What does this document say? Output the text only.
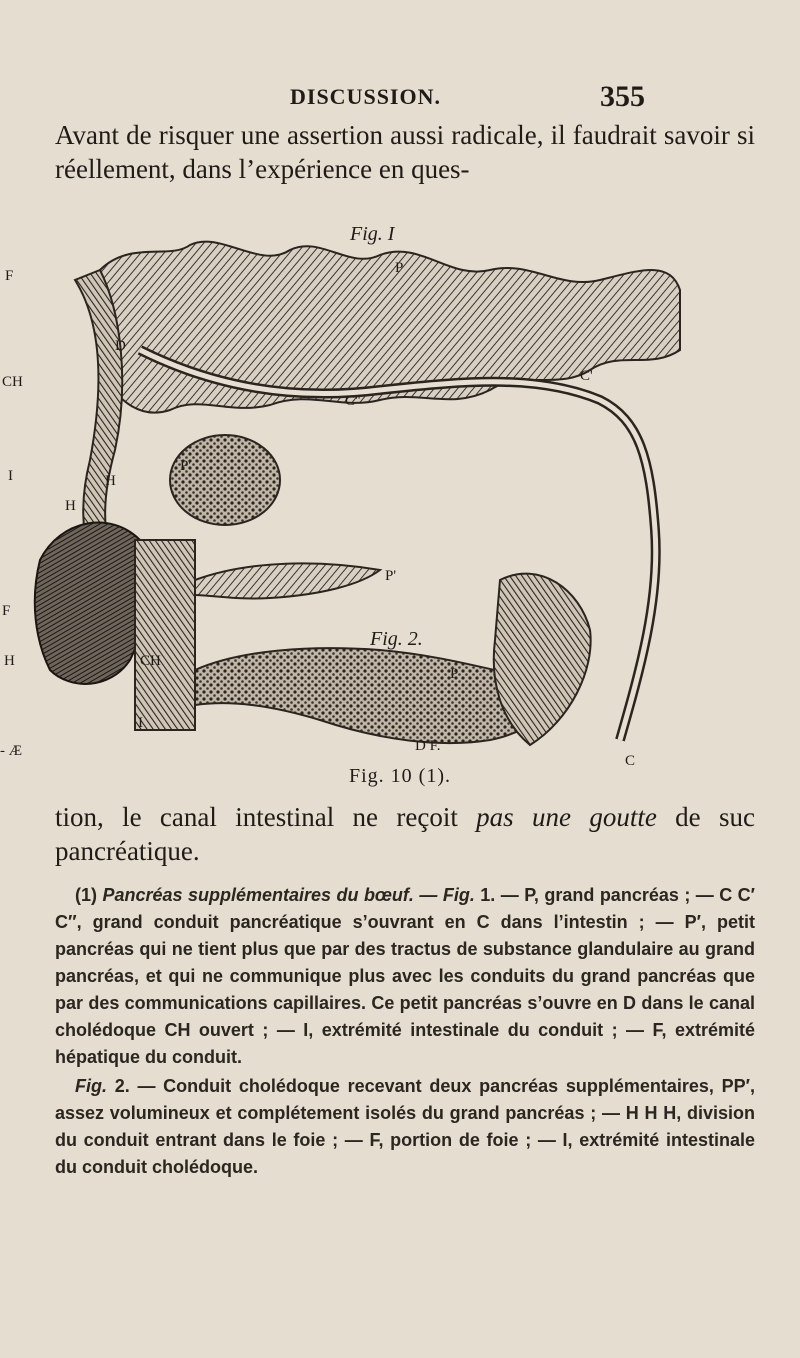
DISCUSSION.	355
Avant de risquer une assertion aussi radicale, il faudrait savoir si réellement, dans l’expérience en ques-
Fig. I
Fig. 2.
F
CH
D
I	H
H
P
P'
C''
C'
F
H	CH
I
P
P'
D F.
C
- Æ
Fig. 10 (1).
tion, le canal intestinal ne reçoit pas une goutte de suc pancréatique.

(1) Pancréas supplémentaires du bœuf. — Fig. 1. — P, grand pancréas ; — C C′ C″, grand conduit pancréatique s’ouvrant en C dans l’intestin ; — P′, petit pancréas qui ne tient plus que par des tractus de substance glandulaire au grand pancréas, et qui ne communique plus avec les conduits du grand pancréas que par des communications capillaires. Ce petit pancréas s’ouvre en D dans le canal cholédoque CH ouvert ; — I, extrémité intestinale du conduit ; — F, extrémité hépatique du conduit.

Fig. 2. — Conduit cholédoque recevant deux pancréas supplémentaires, PP′, assez volumineux et complétement isolés du grand pancréas ; — H H H, division du conduit entrant dans le foie ; — F, portion de foie ; — I, extrémité intestinale du conduit cholédoque.
